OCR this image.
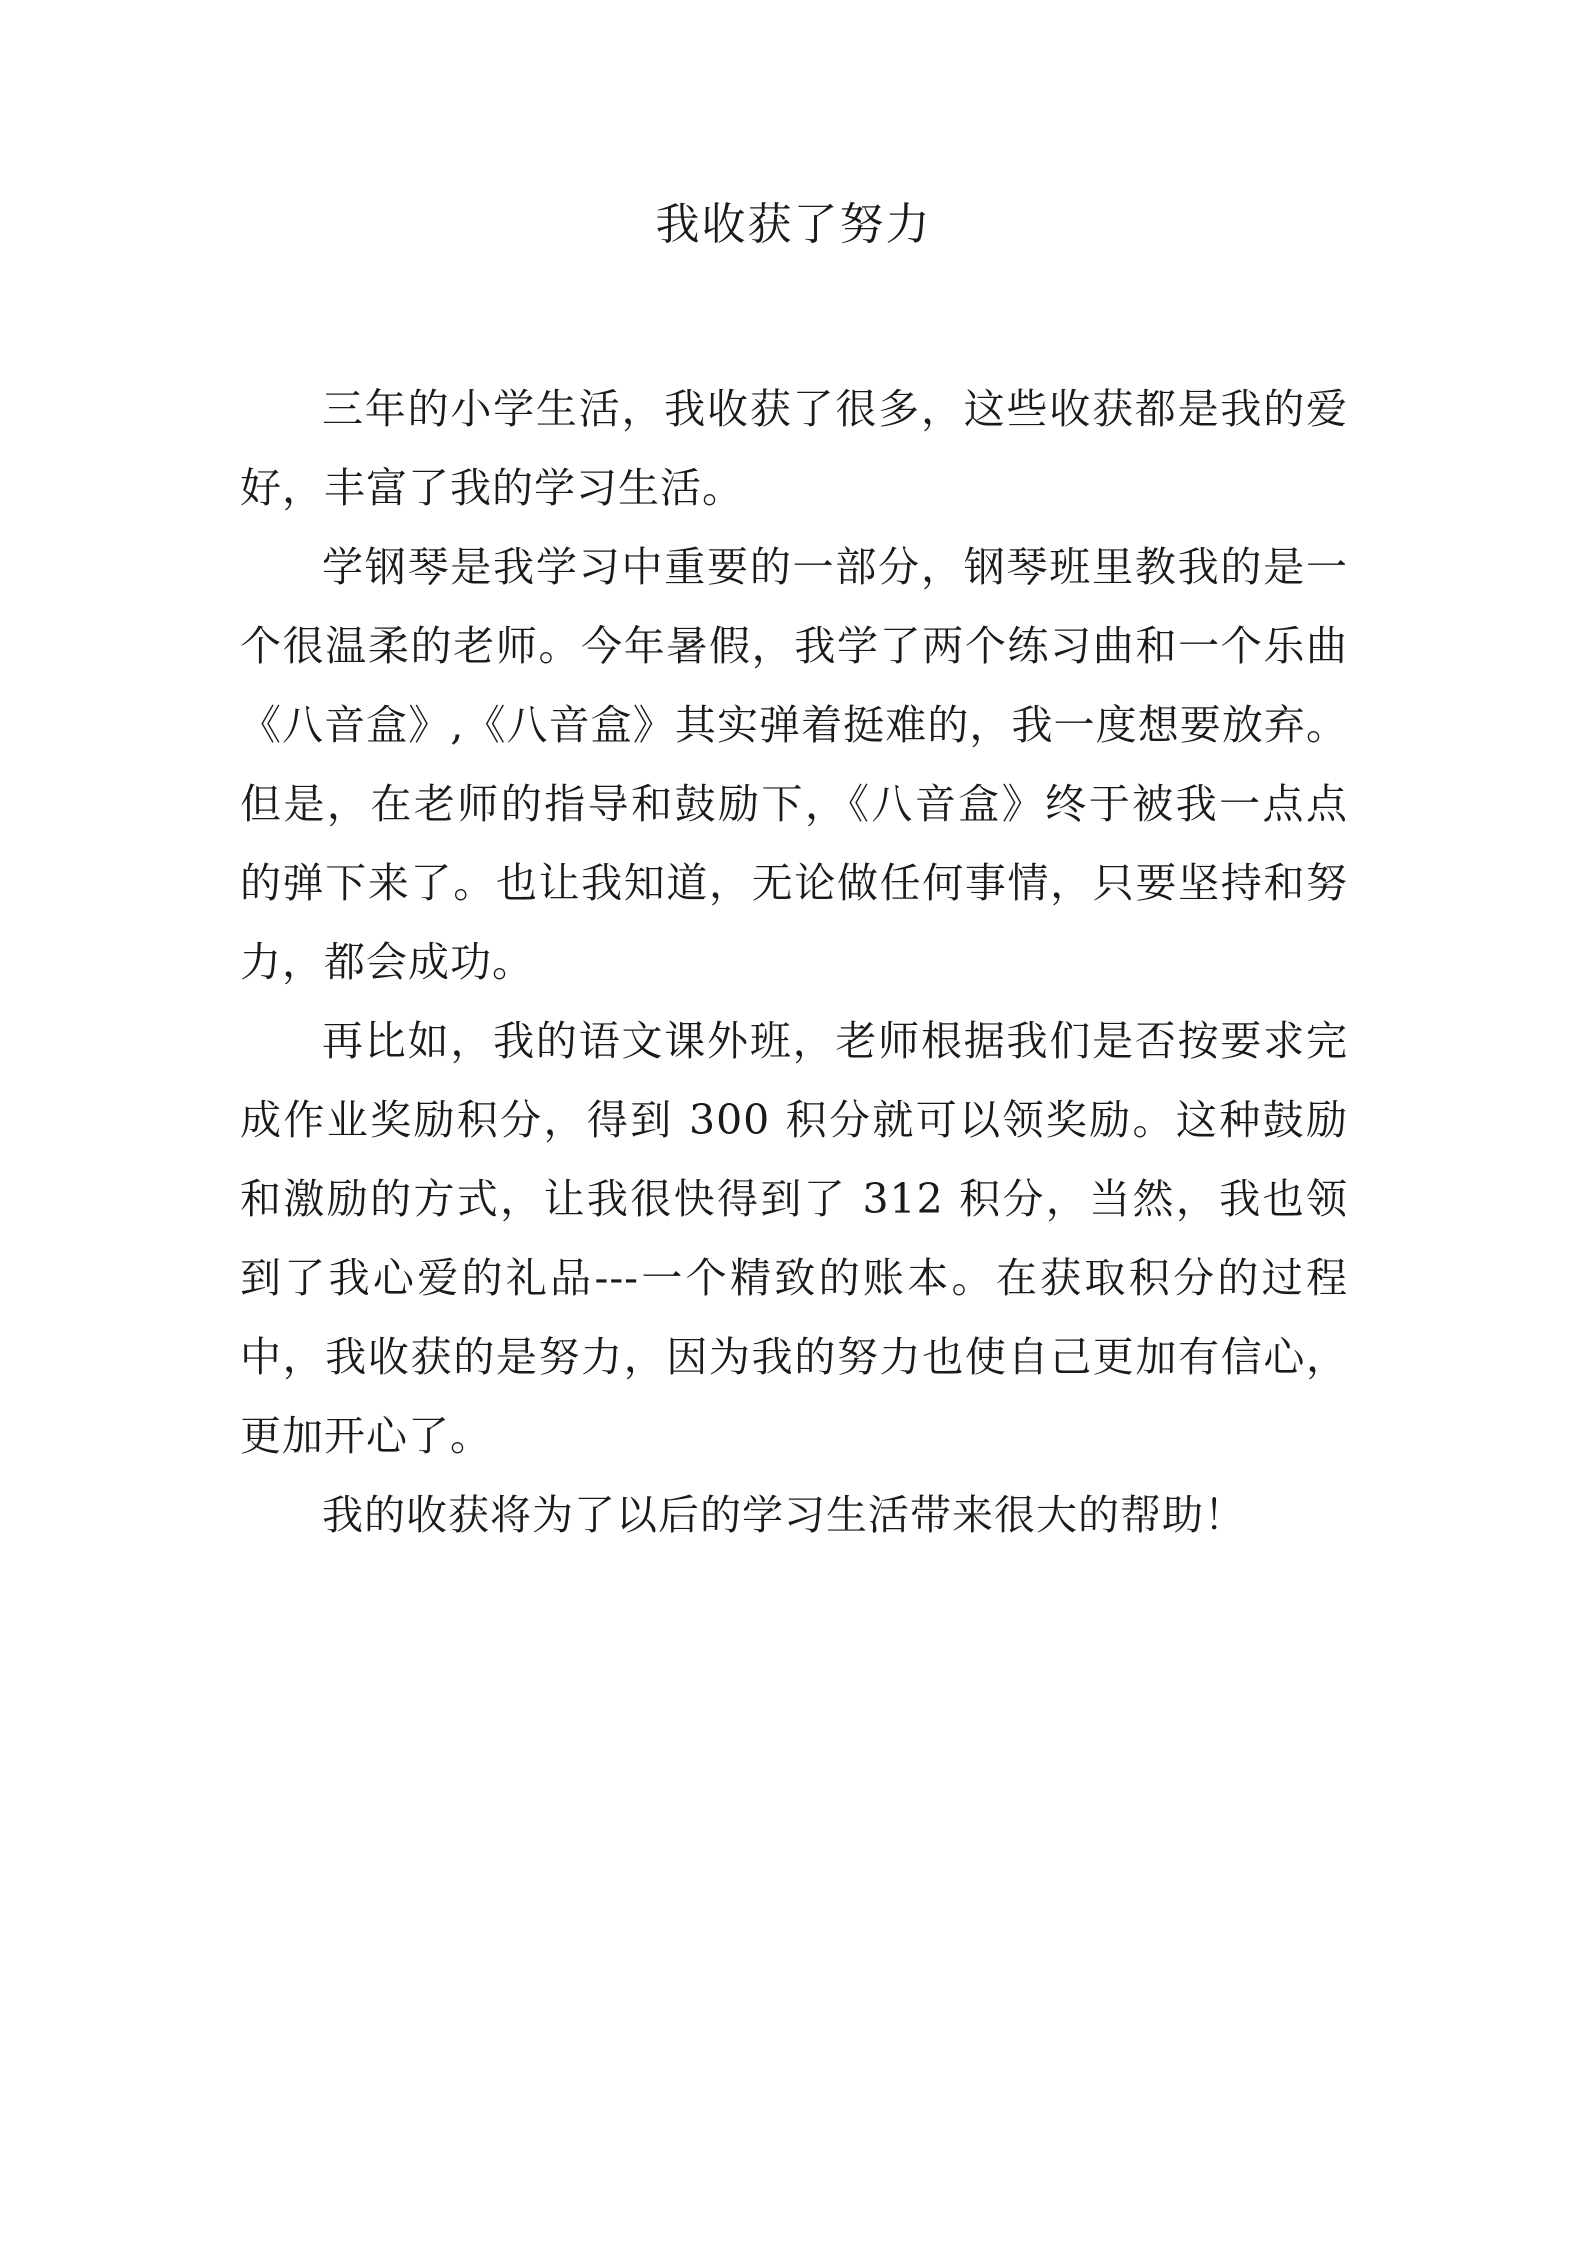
我收获了努力

三年的小学生活，我收获了很多，这些收获都是我的爱好，丰富了我的学习生活。

学钢琴是我学习中重要的一部分，钢琴班里教我的是一个很温柔的老师。今年暑假，我学了两个练习曲和一个乐曲《八音盒》,《八音盒》其实弹着挺难的，我一度想要放弃。但是，在老师的指导和鼓励下，《八音盒》终于被我一点点的弹下来了。也让我知道，无论做任何事情，只要坚持和努力，都会成功。

再比如，我的语文课外班，老师根据我们是否按要求完成作业奖励积分，得到 300 积分就可以领奖励。这种鼓励和激励的方式，让我很快得到了 312 积分，当然，我也领到了我心爱的礼品---一个精致的账本。在获取积分的过程中，我收获的是努力，因为我的努力也使自己更加有信心，更加开心了。

我的收获将为了以后的学习生活带来很大的帮助！
